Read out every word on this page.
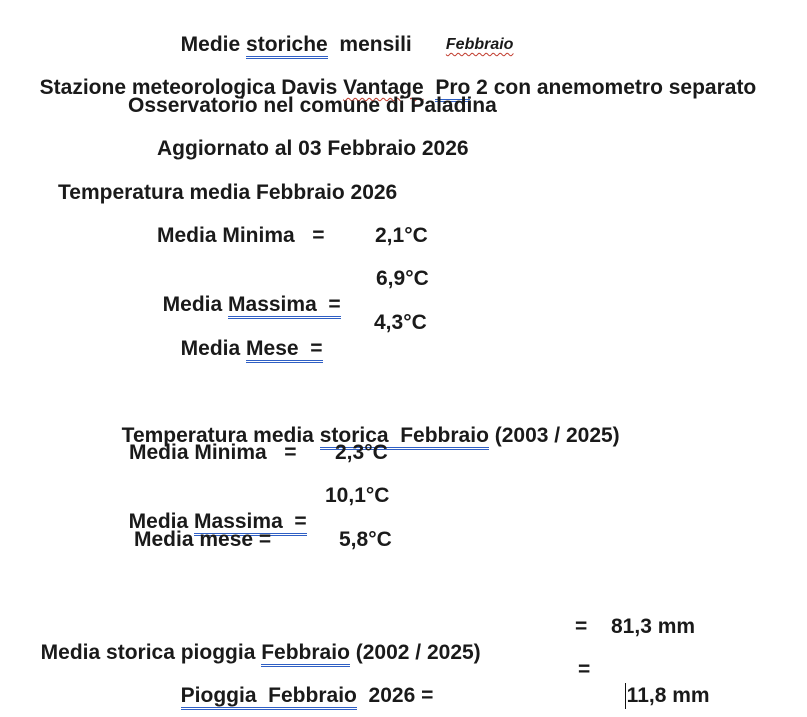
Medie storiche mensili	Febbraio

Stazione meteorologica Davis Vantage Pro 2 con anemometro separato

Osservatorio nel comune di Paladina
Aggiornato al 03 Febbraio 2026
Temperatura media Febbraio 2026
Media Minima   = 2,1°C

Media Massima  =

6,9°C

Media Mese  =

4,3°C

Temperatura media storica  Febbraio (2003 / 2025)

Media Minima   = 2,3°C

Media Massima  =

10,1°C
Media mese =	5,8°C

Media storica pioggia Febbraio (2002 / 2025)

= 81,3 mm

Pioggia  Febbraio  2026 =

=

11,8 mm
